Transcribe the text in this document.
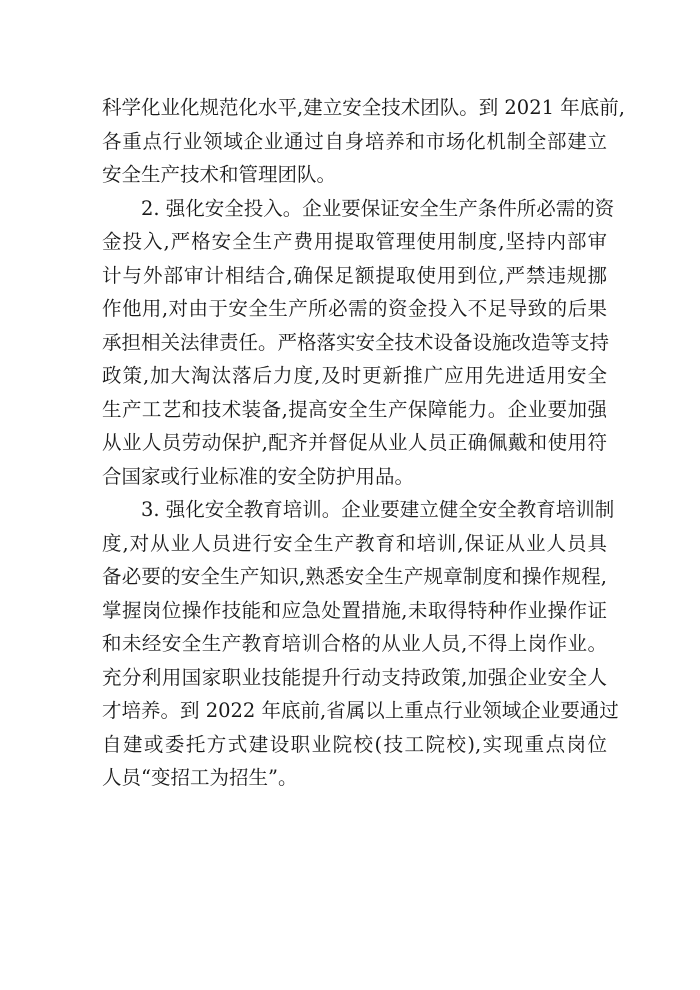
科学化业化规范化水平,建立安全技术团队。到 2021 年底前,
各重点行业领域企业通过自身培养和市场化机制全部建立
安全生产技术和管理团队。
2. 强化安全投入。企业要保证安全生产条件所必需的资
金投入,严格安全生产费用提取管理使用制度,坚持内部审
计与外部审计相结合,确保足额提取使用到位,严禁违规挪
作他用,对由于安全生产所必需的资金投入不足导致的后果
承担相关法律责任。严格落实安全技术设备设施改造等支持
政策,加大淘汰落后力度,及时更新推广应用先进适用安全
生产工艺和技术装备,提高安全生产保障能力。企业要加强
从业人员劳动保护,配齐并督促从业人员正确佩戴和使用符
合国家或行业标准的安全防护用品。
3. 强化安全教育培训。企业要建立健全安全教育培训制
度,对从业人员进行安全生产教育和培训,保证从业人员具
备必要的安全生产知识,熟悉安全生产规章制度和操作规程,
掌握岗位操作技能和应急处置措施,未取得特种作业操作证
和未经安全生产教育培训合格的从业人员,不得上岗作业。
充分利用国家职业技能提升行动支持政策,加强企业安全人
才培养。到 2022 年底前,省属以上重点行业领域企业要通过
自建或委托方式建设职业院校(技工院校),实现重点岗位
人员“变招工为招生”。
